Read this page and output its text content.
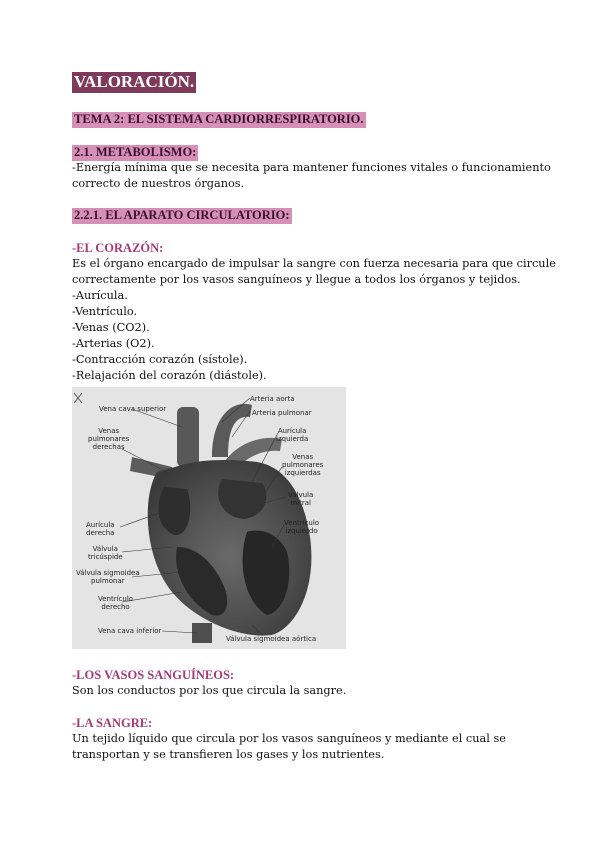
VALORACIÓN.
TEMA 2: EL SISTEMA CARDIORRESPIRATORIO.
2.1. METABOLISMO:
-Energía mínima que se necesita para mantener funciones vitales o funcionamiento
correcto de nuestros órganos.
2.2.1. EL APARATO CIRCULATORIO:
-EL CORAZÓN:
Es el órgano encargado de impulsar la sangre con fuerza necesaria para que circule
correctamente por los vasos sanguíneos y llegue a todos los órganos y tejidos.
-Aurícula.
-Ventrículo.
-Venas (CO2).
-Arterias (O2).
-Contracción corazón (sístole).
-Relajación del corazón (diástole).
Vena cava superior
Arteria aorta
Arteria pulmonar
Venas
pulmonares
derechas
Aurícula
izquierda
Venas
pulmonares
izquierdas
Válvula
mitral
Aurícula
derecha
Ventrículo
izquierdo
Válvula
tricúspide
Válvula sigmoidea
pulmonar
Ventrículo
derecho
Vena cava inferior
Válvula sigmoidea aórtica
-LOS VASOS SANGUÍNEOS:
Son los conductos por los que circula la sangre.
-LA SANGRE:
Un tejido líquido que circula por los vasos sanguíneos y mediante el cual se
transportan y se transfieren los gases y los nutrientes.
